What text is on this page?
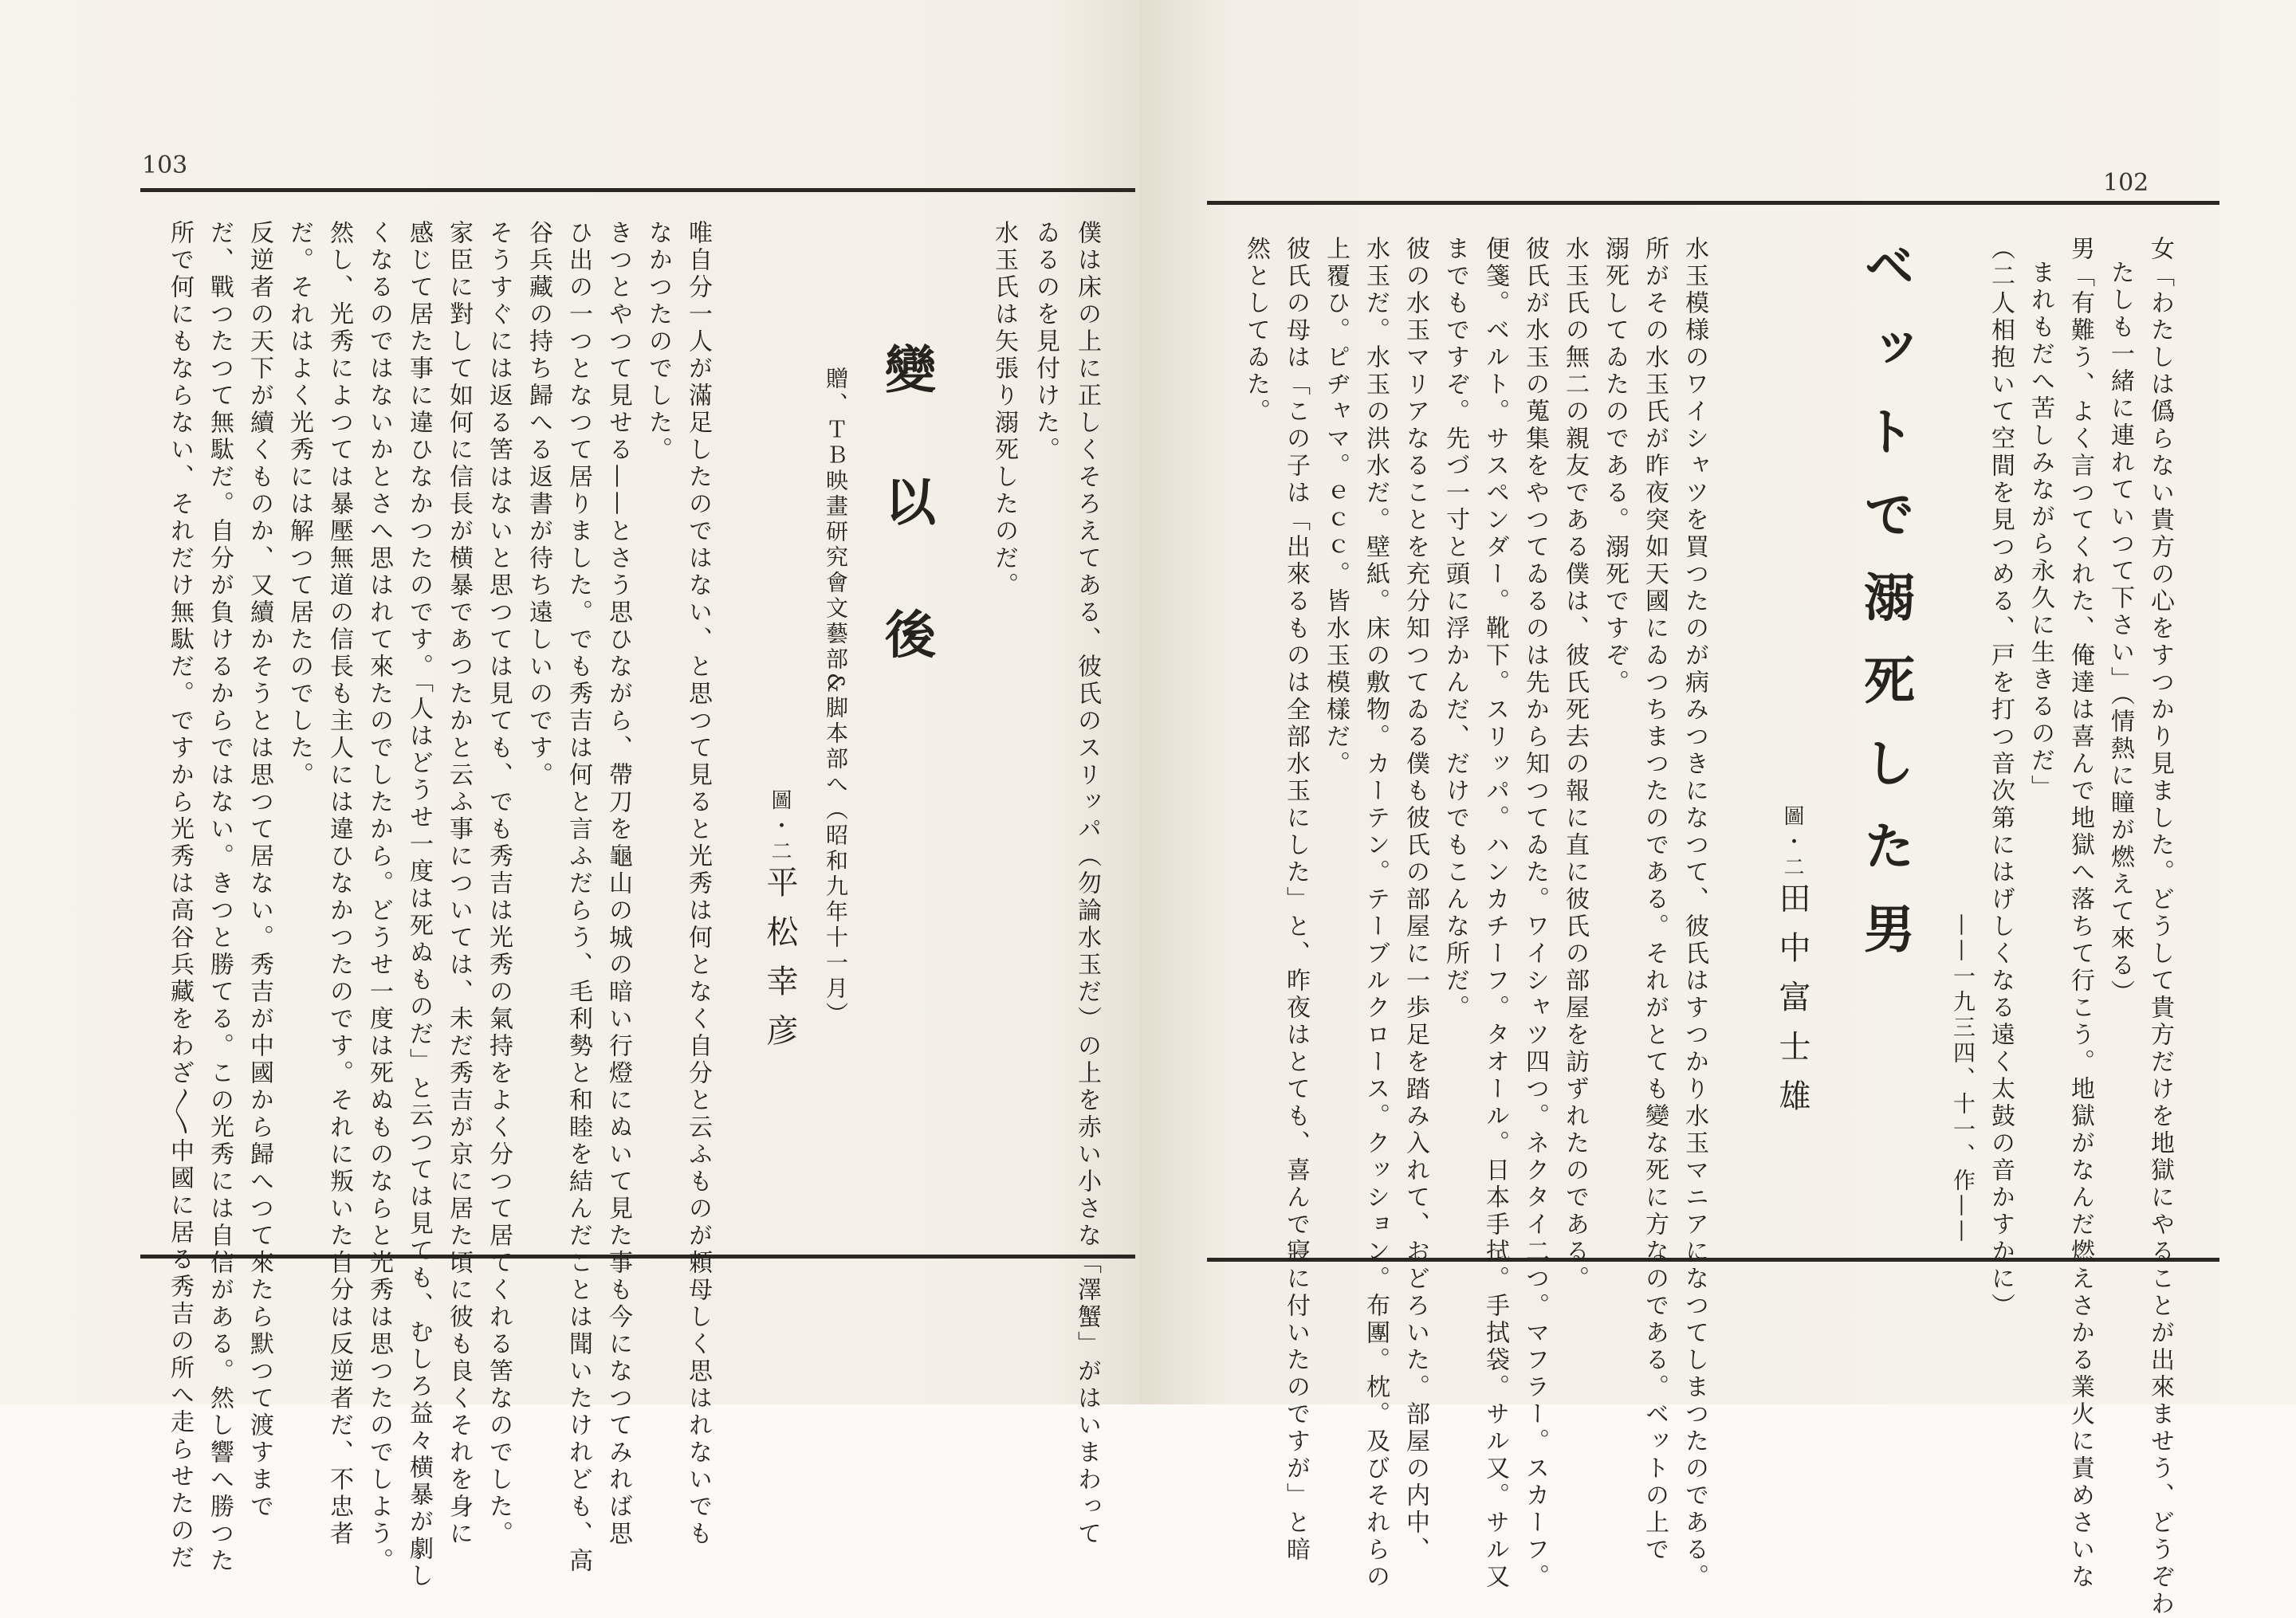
103
僕は床の上に正しくそろえてある、彼氏のスリッパ（勿論水玉だ）の上を赤い小さな「澤蟹」がはいまわって
ゐるのを見付けた。
水玉氏は矢張り溺死したのだ。
變 以 後
贈、ＴＢ映畫研究會文藝部&脚本部へ（昭和九年十一月）
圖・二平松幸彦
唯自分一人が滿足したのではない、と思つて見ると光秀は何となく自分と云ふものが頼母しく思はれないでも
なかつたのでした。
きつとやつて見せる——とさう思ひながら、帶刀を龜山の城の暗い行燈にぬいて見た事も今になつてみれば思
ひ出の一つとなつて居りました。でも秀吉は何と言ふだらう、毛利勢と和睦を結んだことは聞いたけれども、高
谷兵藏の持ち歸へる返書が待ち遠しいのです。
そうすぐには返る筈はないと思つては見ても、でも秀吉は光秀の氣持をよく分つて居てくれる筈なのでした。
家臣に對して如何に信長が横暴であつたかと云ふ事については、未だ秀吉が京に居た頃に彼も良くそれを身に
感じて居た事に違ひなかつたのです。「人はどうせ一度は死ぬものだ」と云つては見ても、むしろ益々横暴が劇し
くなるのではないかとさへ思はれて來たのでしたから。どうせ一度は死ぬものならと光秀は思つたのでしよう。
然し、光秀によつては暴壓無道の信長も主人には違ひなかつたのです。それに叛いた自分は反逆者だ、不忠者
だ。それはよく光秀には解つて居たのでした。
反逆者の天下が續くものか、又續かそうとは思つて居ない。秀吉が中國から歸へつて來たら默つて渡すまで
だ、戰つたつて無駄だ。自分が負けるからではない。きつと勝てる。この光秀には自信がある。然し響へ勝つた
所で何にもならない、それだけ無駄だ。ですから光秀は高谷兵藏をわざ〳〵中國に居る秀吉の所へ走らせたのだ
102
女「わたしは僞らない貴方の心をすつかり見ました。どうして貴方だけを地獄にやることが出來ませう、どうぞわ
たしも一緒に連れていつて下さい」（情熱に瞳が燃えて來る）
男「有難う、よく言つてくれた、俺達は喜んで地獄へ落ちて行こう。地獄がなんだ燃えさかる業火に責めさいな
まれもだへ苦しみながら永久に生きるのだ」
（二人相抱いて空間を見つめる、戸を打つ音次第にはげしくなる遠く太鼓の音かすかに）
——一九三四、十一、作——
ベットで溺死した男
圖・二田中富士雄
水玉模様のワイシャツを買つたのが病みつきになつて、彼氏はすつかり水玉マニアになつてしまつたのである。
所がその水玉氏が昨夜突如天國にゐつちまつたのである。それがとても變な死に方なのである。ベットの上で
溺死してゐたのである。溺死ですぞ。
水玉氏の無二の親友である僕は、彼氏死去の報に直に彼氏の部屋を訪ずれたのである。
彼氏が水玉の蒐集をやつてゐるのは先から知つてゐた。ワイシャツ四つ。ネクタイ二つ。マフラー。スカーフ。
便箋。ベルト。サスペンダー。靴下。スリッパ。ハンカチーフ。タオール。日本手拭。手拭袋。サル又。サル又
までもですぞ。先づ一寸と頭に浮かんだ、だけでもこんな所だ。
彼の水玉マリアなることを充分知つてゐる僕も彼氏の部屋に一歩足を踏み入れて、おどろいた。部屋の内中、
水玉だ。水玉の洪水だ。壁紙。床の敷物。カーテン。テーブルクロース。クッション。布團。枕。及びそれらの
上覆ひ。ピヂャマ。ｅｃｃ。皆水玉模樣だ。
彼氏の母は「この子は「出來るものは全部水玉にした」と、昨夜はとても、喜んで寢に付いたのですが」と暗
然としてゐた。
